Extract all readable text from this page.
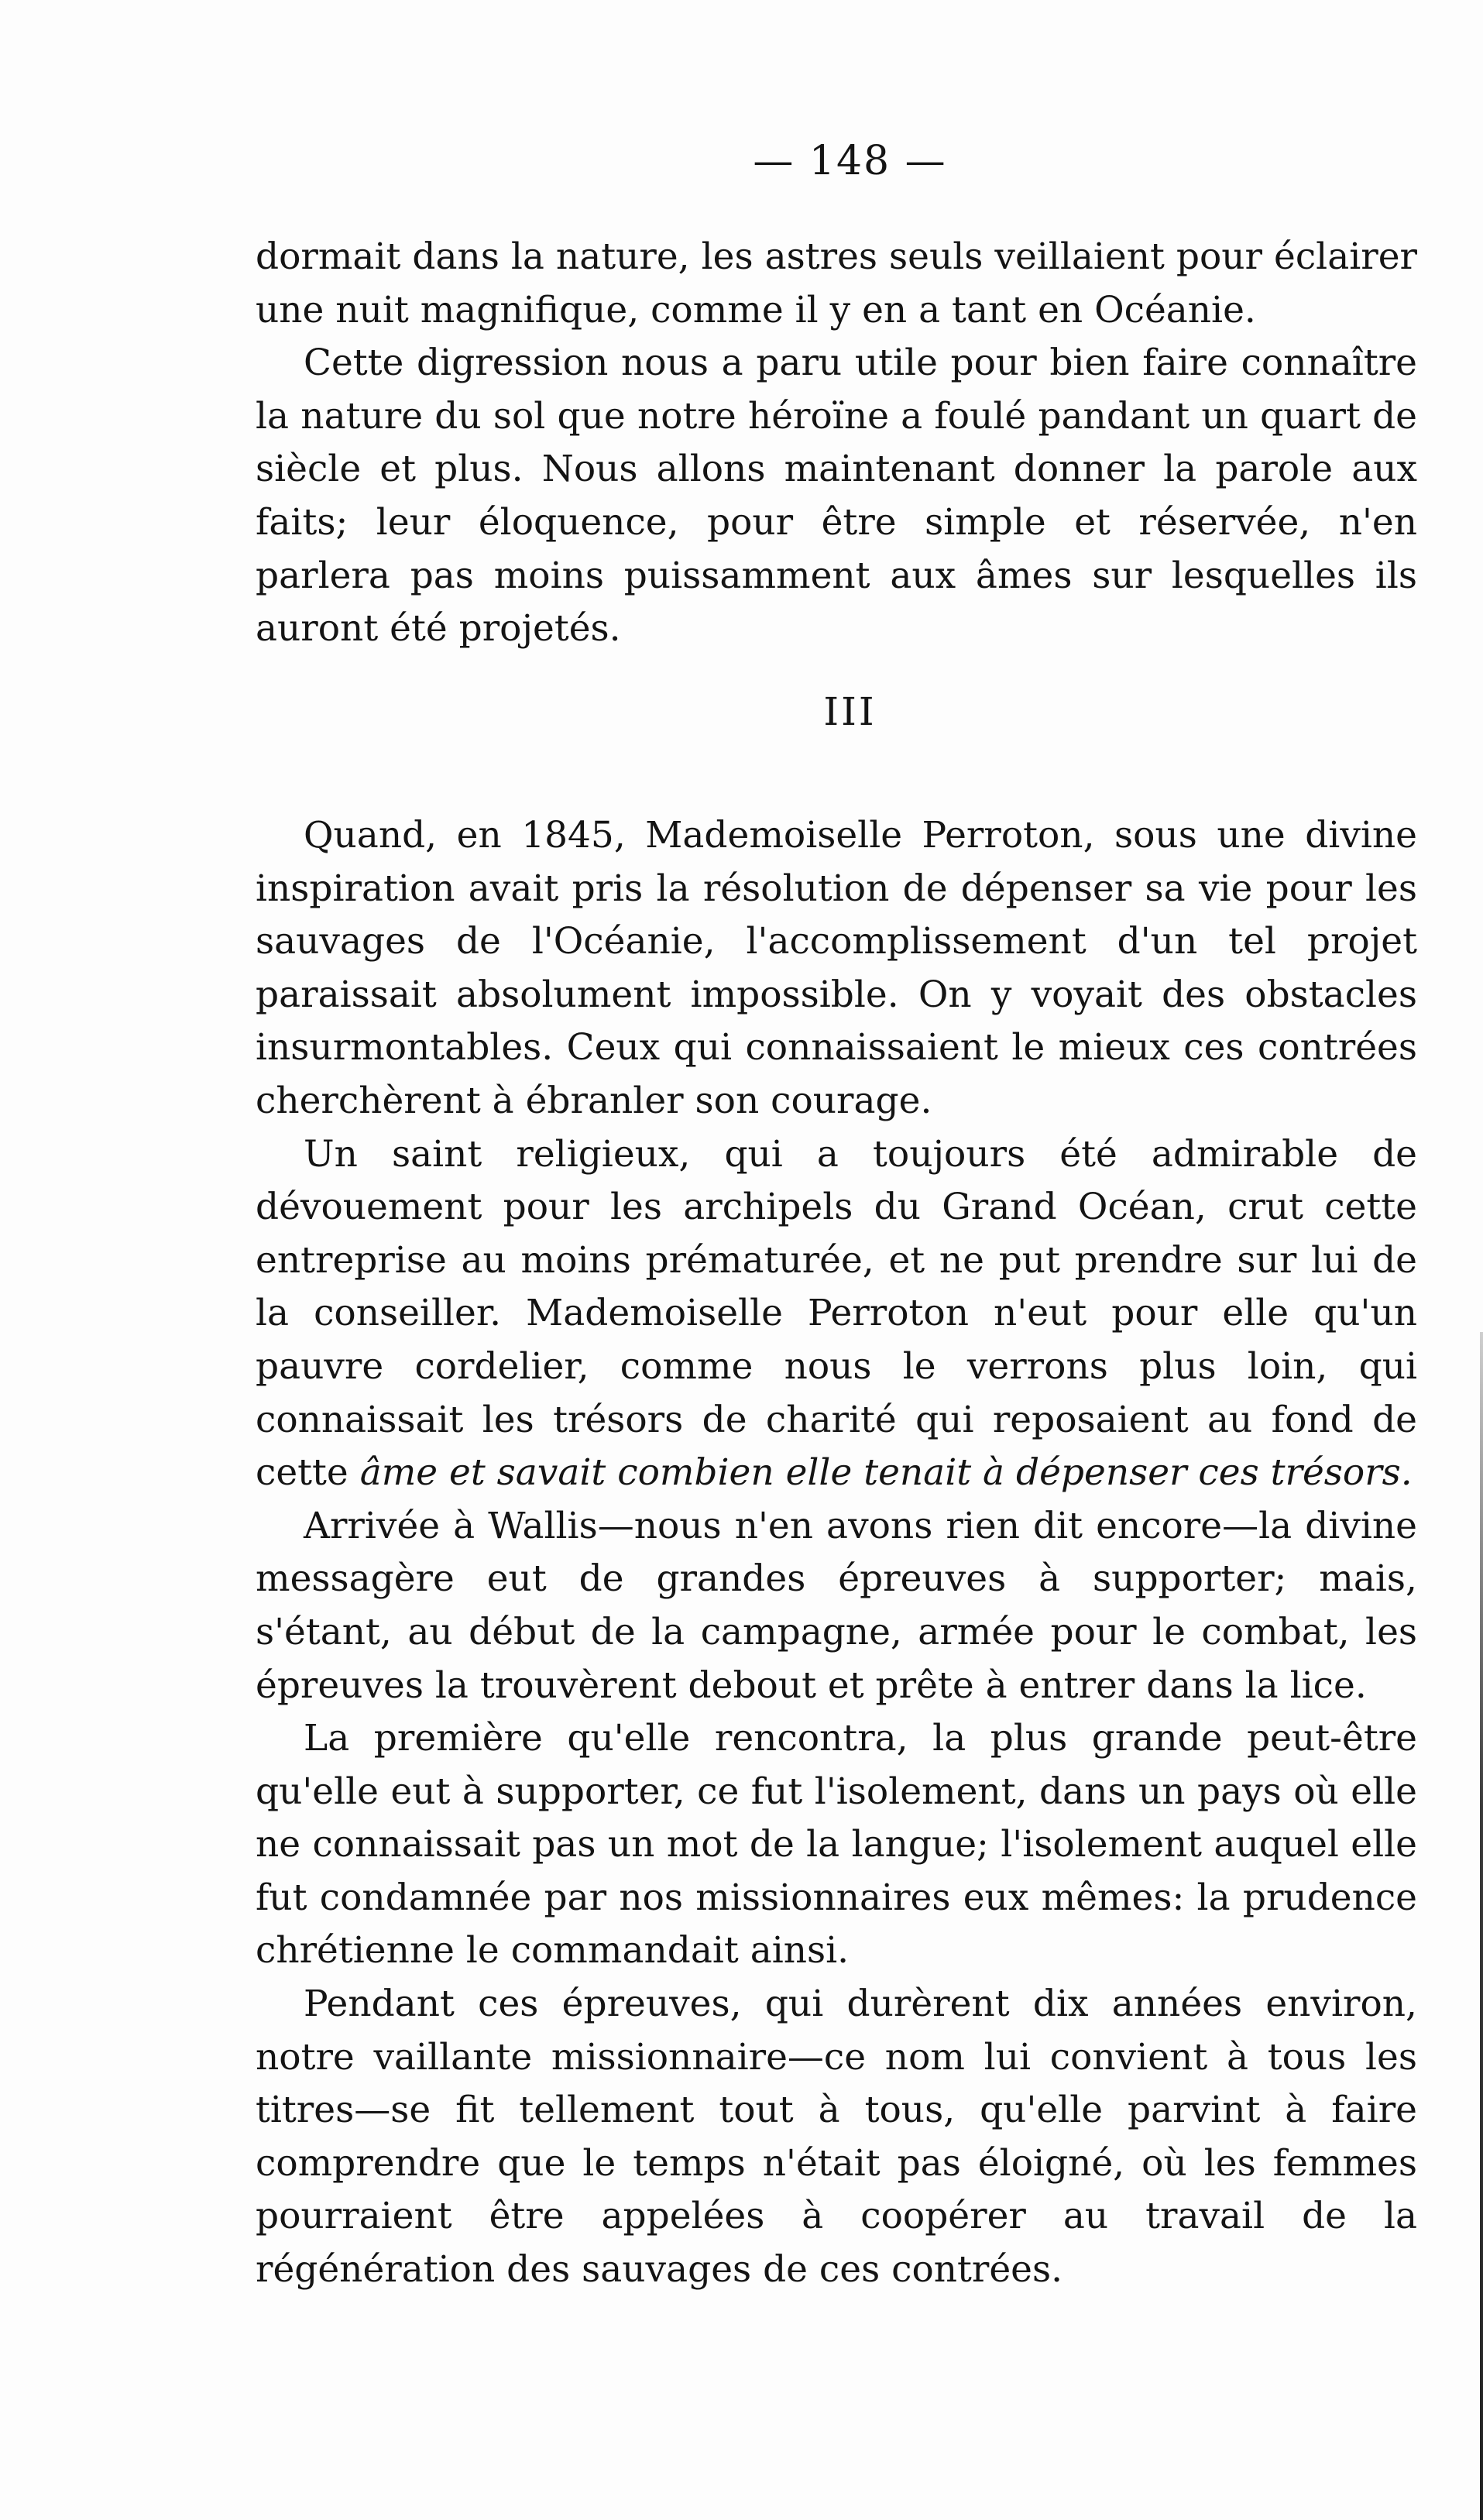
— 148 —

dormait dans la nature, les astres seuls veillaient pour éclairer une nuit magnifique, comme il y en a tant en Océanie.

Cette digression nous a paru utile pour bien faire connaître la nature du sol que notre héroïne a foulé pandant un quart de siècle et plus. Nous allons maintenant donner la parole aux faits; leur éloquence, pour être simple et réservée, n'en parlera pas moins puissamment aux âmes sur lesquelles ils auront été projetés.

III

Quand, en 1845, Mademoiselle Perroton, sous une divine inspiration avait pris la résolution de dépenser sa vie pour les sauvages de l'Océanie, l'accomplissement d'un tel projet paraissait absolument impossible. On y voyait des obstacles insurmontables. Ceux qui connaissaient le mieux ces contrées cherchèrent à ébranler son courage.

Un saint religieux, qui a toujours été admirable de dévouement pour les archipels du Grand Océan, crut cette entreprise au moins prématurée, et ne put prendre sur lui de la conseiller. Mademoiselle Perroton n'eut pour elle qu'un pauvre cordelier, comme nous le verrons plus loin, qui connaissait les trésors de charité qui reposaient au fond de cette âme et savait combien elle tenait à dépenser ces trésors.

Arrivée à Wallis—nous n'en avons rien dit encore—la divine messagère eut de grandes épreuves à supporter; mais, s'étant, au début de la campagne, armée pour le combat, les épreuves la trouvèrent debout et prête à entrer dans la lice.

La première qu'elle rencontra, la plus grande peut-être qu'elle eut à supporter, ce fut l'isolement, dans un pays où elle ne connaissait pas un mot de la langue; l'isolement auquel elle fut condamnée par nos missionnaires eux mêmes: la prudence chrétienne le commandait ainsi.

Pendant ces épreuves, qui durèrent dix années environ, notre vaillante missionnaire—ce nom lui convient à tous les titres—se fit tellement tout à tous, qu'elle parvint à faire comprendre que le temps n'était pas éloigné, où les femmes pourraient être appelées à coopérer au travail de la régénération des sauvages de ces contrées.
